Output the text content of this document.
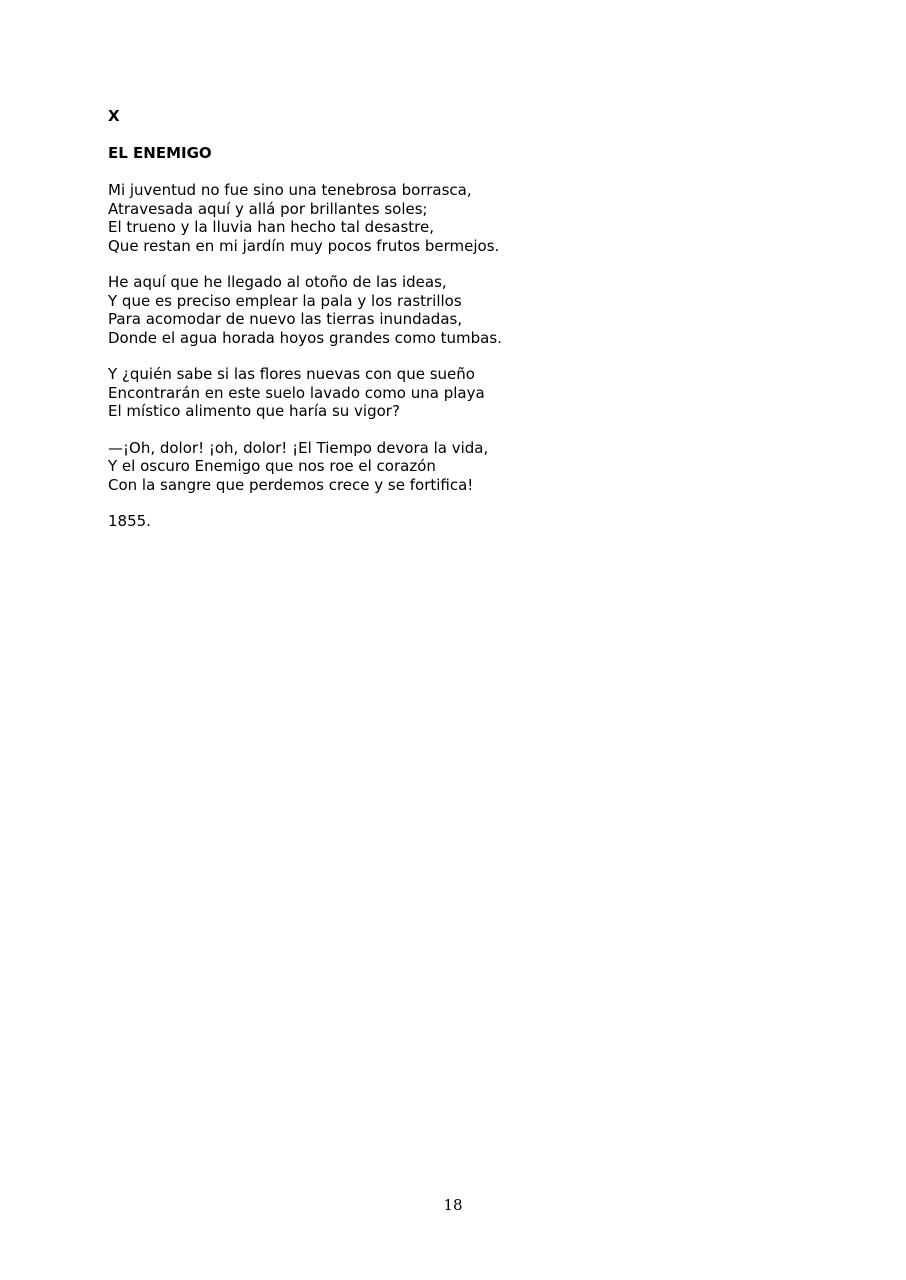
X
EL ENEMIGO
Mi juventud no fue sino una tenebrosa borrasca,
Atravesada aquí y allá por brillantes soles;
El trueno y la lluvia han hecho tal desastre,
Que restan en mi jardín muy pocos frutos bermejos.
He aquí que he llegado al otoño de las ideas,
Y que es preciso emplear la pala y los rastrillos
Para acomodar de nuevo las tierras inundadas,
Donde el agua horada hoyos grandes como tumbas.
Y ¿quién sabe si las flores nuevas con que sueño
Encontrarán en este suelo lavado como una playa
El místico alimento que haría su vigor?
—¡Oh, dolor! ¡oh, dolor! ¡El Tiempo devora la vida,
Y el oscuro Enemigo que nos roe el corazón
Con la sangre que perdemos crece y se fortifica!
1855.
18
